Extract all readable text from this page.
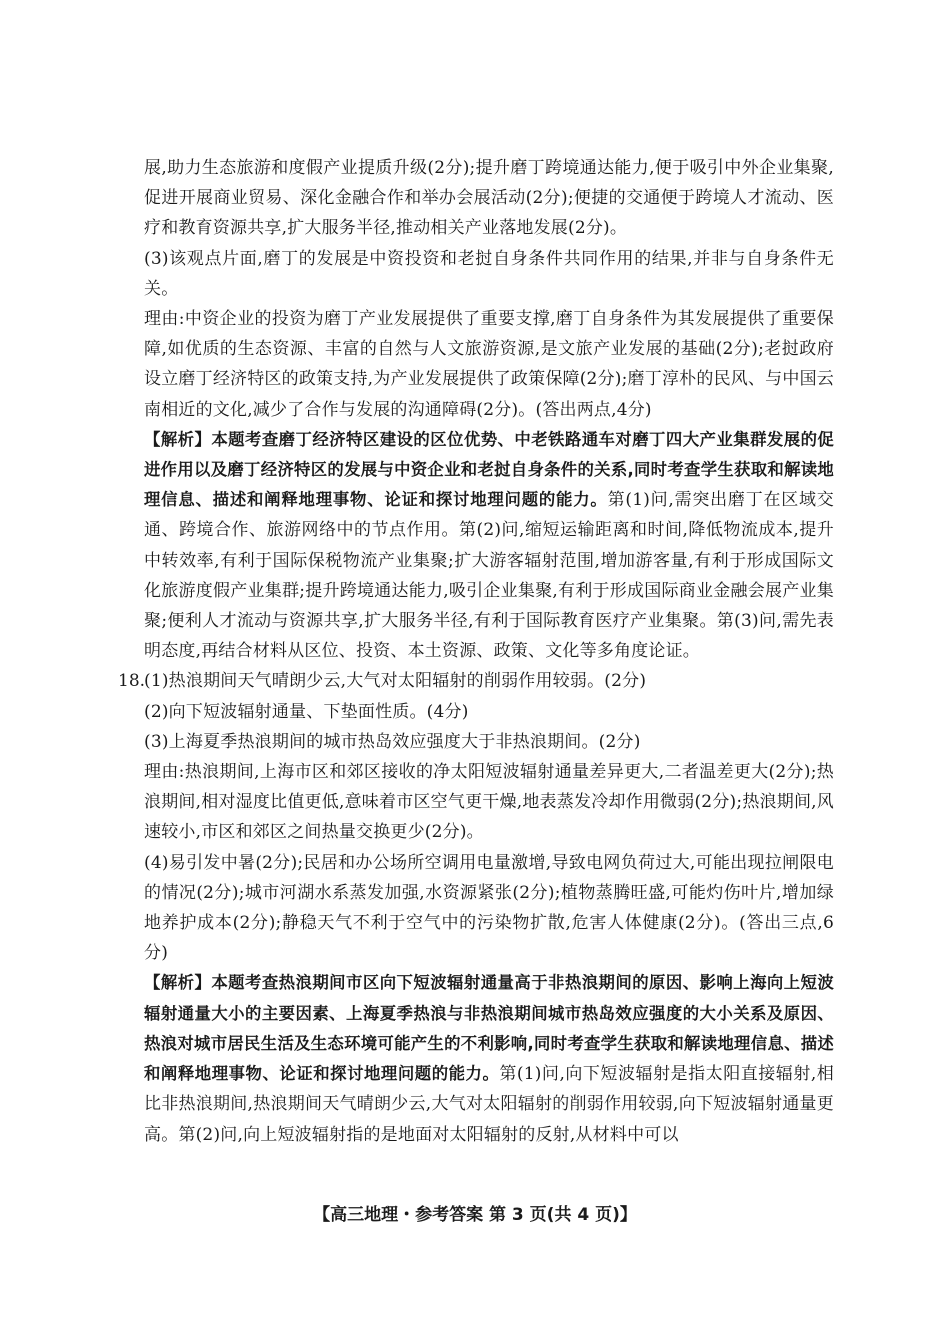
展,助力生态旅游和度假产业提质升级(2分);提升磨丁跨境通达能力,便于吸引中外企业集聚,促进开展商业贸易、深化金融合作和举办会展活动(2分);便捷的交通便于跨境人才流动、医疗和教育资源共享,扩大服务半径,推动相关产业落地发展(2分)。

(3)该观点片面,磨丁的发展是中资投资和老挝自身条件共同作用的结果,并非与自身条件无关。

理由:中资企业的投资为磨丁产业发展提供了重要支撑,磨丁自身条件为其发展提供了重要保障,如优质的生态资源、丰富的自然与人文旅游资源,是文旅产业发展的基础(2分);老挝政府设立磨丁经济特区的政策支持,为产业发展提供了政策保障(2分);磨丁淳朴的民风、与中国云南相近的文化,减少了合作与发展的沟通障碍(2分)。(答出两点,4分)

【解析】本题考查磨丁经济特区建设的区位优势、中老铁路通车对磨丁四大产业集群发展的促进作用以及磨丁经济特区的发展与中资企业和老挝自身条件的关系,同时考查学生获取和解读地理信息、描述和阐释地理事物、论证和探讨地理问题的能力。第(1)问,需突出磨丁在区域交通、跨境合作、旅游网络中的节点作用。第(2)问,缩短运输距离和时间,降低物流成本,提升中转效率,有利于国际保税物流产业集聚;扩大游客辐射范围,增加游客量,有利于形成国际文化旅游度假产业集群;提升跨境通达能力,吸引企业集聚,有利于形成国际商业金融会展产业集聚;便利人才流动与资源共享,扩大服务半径,有利于国际教育医疗产业集聚。第(3)问,需先表明态度,再结合材料从区位、投资、本土资源、政策、文化等多角度论证。

(1)热浪期间天气晴朗少云,大气对太阳辐射的削弱作用较弱。(2分)

(2)向下短波辐射通量、下垫面性质。(4分)

(3)上海夏季热浪期间的城市热岛效应强度大于非热浪期间。(2分)

理由:热浪期间,上海市区和郊区接收的净太阳短波辐射通量差异更大,二者温差更大(2分);热浪期间,相对湿度比值更低,意味着市区空气更干燥,地表蒸发冷却作用微弱(2分);热浪期间,风速较小,市区和郊区之间热量交换更少(2分)。

(4)易引发中暑(2分);民居和办公场所空调用电量激增,导致电网负荷过大,可能出现拉闸限电的情况(2分);城市河湖水系蒸发加强,水资源紧张(2分);植物蒸腾旺盛,可能灼伤叶片,增加绿地养护成本(2分);静稳天气不利于空气中的污染物扩散,危害人体健康(2分)。(答出三点,6分)

【解析】本题考查热浪期间市区向下短波辐射通量高于非热浪期间的原因、影响上海向上短波辐射通量大小的主要因素、上海夏季热浪与非热浪期间城市热岛效应强度的大小关系及原因、热浪对城市居民生活及生态环境可能产生的不利影响,同时考查学生获取和解读地理信息、描述和阐释地理事物、论证和探讨地理问题的能力。第(1)问,向下短波辐射是指太阳直接辐射,相比非热浪期间,热浪期间天气晴朗少云,大气对太阳辐射的削弱作用较弱,向下短波辐射通量更高。第(2)问,向上短波辐射指的是地面对太阳辐射的反射,从材料中可以

18.
【高三地理・参考答案 第 3 页(共 4 页)】
